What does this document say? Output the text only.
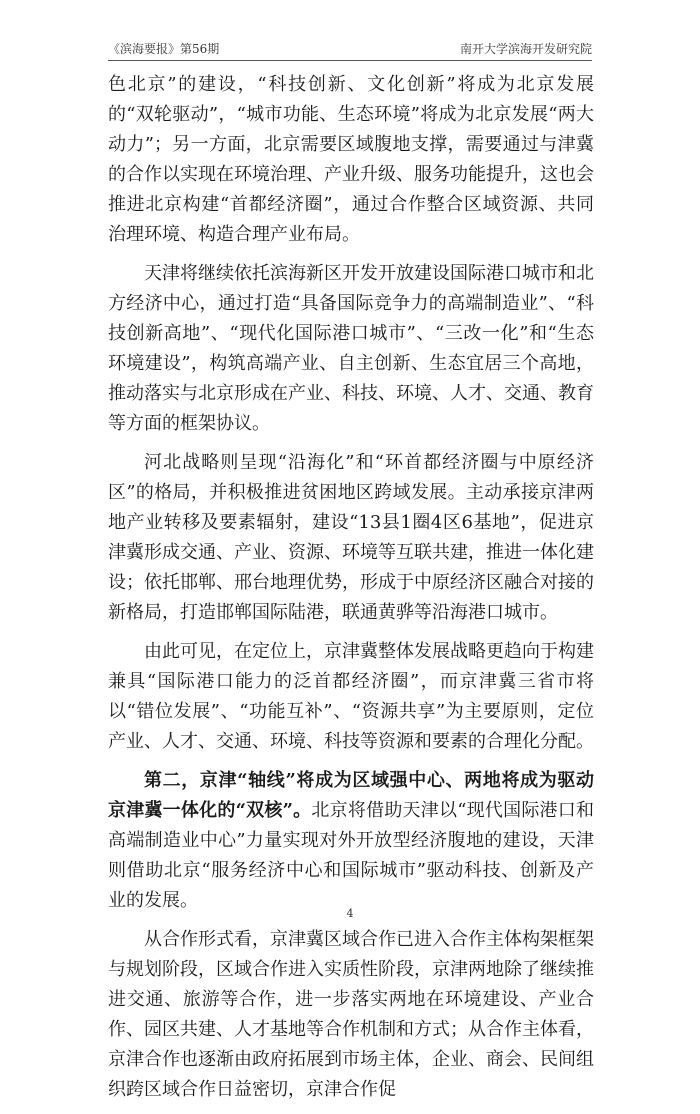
《滨海要报》第56期	南开大学滨海开发研究院

色北京”的建设，“科技创新、文化创新”将成为北京发展的“双轮驱动”，“城市功能、生态环境”将成为北京发展“两大动力”；另一方面，北京需要区域腹地支撑，需要通过与津冀的合作以实现在环境治理、产业升级、服务功能提升，这也会推进北京构建“首都经济圈”，通过合作整合区域资源、共同治理环境、构造合理产业布局。

天津将继续依托滨海新区开发开放建设国际港口城市和北方经济中心，通过打造“具备国际竞争力的高端制造业”、“科技创新高地”、“现代化国际港口城市”、“三改一化”和“生态环境建设”，构筑高端产业、自主创新、生态宜居三个高地，推动落实与北京形成在产业、科技、环境、人才、交通、教育等方面的框架协议。

河北战略则呈现“沿海化”和“环首都经济圈与中原经济区”的格局，并积极推进贫困地区跨域发展。主动承接京津两地产业转移及要素辐射，建设“13县1圈4区6基地”，促进京津冀形成交通、产业、资源、环境等互联共建，推进一体化建设；依托邯郸、邢台地理优势，形成于中原经济区融合对接的新格局，打造邯郸国际陆港，联通黄骅等沿海港口城市。

由此可见，在定位上，京津冀整体发展战略更趋向于构建兼具“国际港口能力的泛首都经济圈”，而京津冀三省市将以“错位发展”、“功能互补”、“资源共享”为主要原则，定位产业、人才、交通、环境、科技等资源和要素的合理化分配。

第二，京津“轴线”将成为区域强中心、两地将成为驱动京津冀一体化的“双核”。北京将借助天津以“现代国际港口和高端制造业中心”力量实现对外开放型经济腹地的建设，天津则借助北京“服务经济中心和国际城市”驱动科技、创新及产业的发展。

从合作形式看，京津冀区域合作已进入合作主体构架框架与规划阶段，区域合作进入实质性阶段，京津两地除了继续推进交通、旅游等合作，进一步落实两地在环境建设、产业合作、园区共建、人才基地等合作机制和方式；从合作主体看，京津合作也逐渐由政府拓展到市场主体，企业、商会、民间组织跨区域合作日益密切，京津合作促

4
